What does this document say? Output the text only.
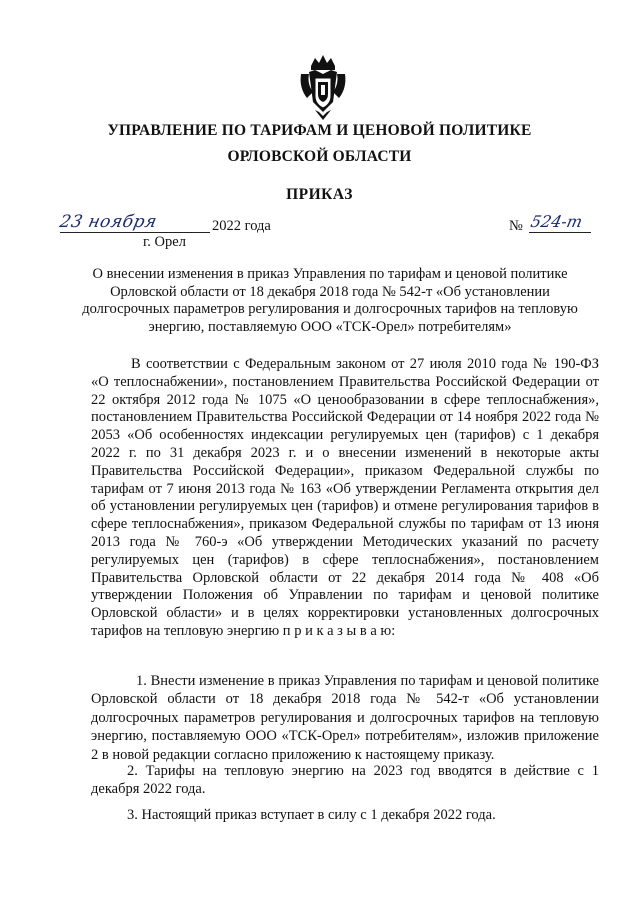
УПРАВЛЕНИЕ ПО ТАРИФАМ И ЦЕНОВОЙ ПОЛИТИКЕ
ОРЛОВСКОЙ ОБЛАСТИ
ПРИКАЗ
23 ноября	2022 года
г. Орел
№ 524-т
О внесении изменения в приказ Управления по тарифам и ценовой политике Орловской области от 18 декабря 2018 года № 542-т «Об установлении долгосрочных параметров регулирования и долгосрочных тарифов на тепловую энергию, поставляемую ООО «ТСК-Орел» потребителям»
В соответствии с Федеральным законом от 27 июля 2010 года № 190-ФЗ «О теплоснабжении», постановлением Правительства Российской Федерации от 22 октября 2012 года № 1075 «О ценообразовании в сфере теплоснабжения», постановлением Правительства Российской Федерации от 14 ноября 2022 года № 2053 «Об особенностях индексации регулируемых цен (тарифов) с 1 декабря 2022 г. по 31 декабря 2023 г. и о внесении изменений в некоторые акты Правительства Российской Федерации», приказом Федеральной службы по тарифам от 7 июня 2013 года № 163 «Об утверждении Регламента открытия дел об установлении регулируемых цен (тарифов) и отмене регулирования тарифов в сфере теплоснабжения», приказом Федеральной службы по тарифам от 13 июня 2013 года № 760-э «Об утверждении Методических указаний по расчету регулируемых цен (тарифов) в сфере теплоснабжения», постановлением Правительства Орловской области от 22 декабря 2014 года № 408 «Об утверждении Положения об Управлении по тарифам и ценовой политике Орловской области» и в целях корректировки установленных долгосрочных тарифов на тепловую энергию п р и к а з ы в а ю:
1. Внести изменение в приказ Управления по тарифам и ценовой политике Орловской области от 18 декабря 2018 года № 542-т «Об установлении долгосрочных параметров регулирования и долгосрочных тарифов на тепловую энергию, поставляемую ООО «ТСК-Орел» потребителям», изложив приложение 2 в новой редакции согласно приложению к настоящему приказу.
2. Тарифы на тепловую энергию на 2023 год вводятся в действие с 1 декабря 2022 года.
3. Настоящий приказ вступает в силу с 1 декабря 2022 года.
